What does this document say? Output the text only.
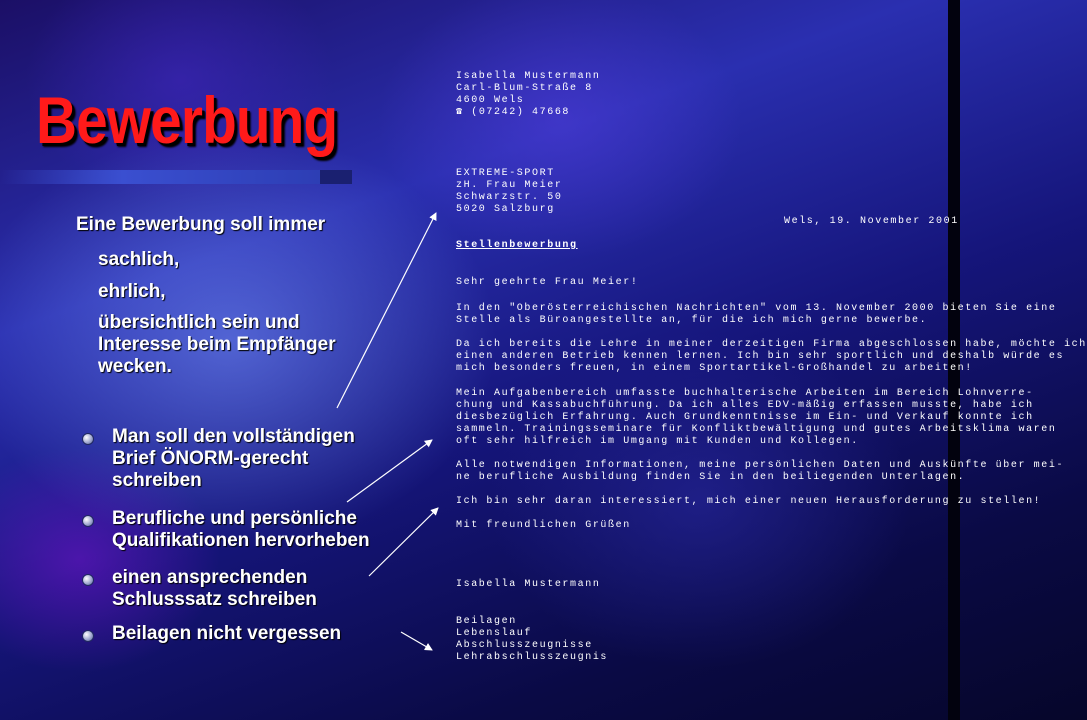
Bewerbung
Eine Bewerbung soll immer
sachlich,
ehrlich,
übersichtlich sein und
Interesse beim Empfänger
wecken.
Man soll den vollständigen
Brief ÖNORM-gerecht
schreiben
Berufliche und persönliche
Qualifikationen hervorheben
einen ansprechenden
Schlusssatz schreiben
Beilagen nicht vergessen
Isabella Mustermann
Carl-Blum-Straße 8
4600 Wels
☎ (07242) 47668
EXTREME-SPORT
zH. Frau Meier
Schwarzstr. 50
5020 Salzburg
Wels, 19. November 2001
Stellenbewerbung
Sehr geehrte Frau Meier!
In den "Oberösterreichischen Nachrichten" vom 13. November 2000 bieten Sie eine
Stelle als Büroangestellte an, für die ich mich gerne bewerbe.
Da ich bereits die Lehre in meiner derzeitigen Firma abgeschlossen habe, möchte ich
einen anderen Betrieb kennen lernen. Ich bin sehr sportlich und deshalb würde es
mich besonders freuen, in einem Sportartikel-Großhandel zu arbeiten!
Mein Aufgabenbereich umfasste buchhalterische Arbeiten im Bereich Lohnverre-
chung und Kassabuchführung. Da ich alles EDV-mäßig erfassen musste, habe ich
diesbezüglich Erfahrung. Auch Grundkenntnisse im Ein- und Verkauf konnte ich
sammeln. Trainingsseminare für Konfliktbewältigung und gutes Arbeitsklima waren
oft sehr hilfreich im Umgang mit Kunden und Kollegen.
Alle notwendigen Informationen, meine persönlichen Daten und Auskünfte über mei-
ne berufliche Ausbildung finden Sie in den beiliegenden Unterlagen.
Ich bin sehr daran interessiert, mich einer neuen Herausforderung zu stellen!
Mit freundlichen Grüßen
Isabella Mustermann
Beilagen
Lebenslauf
Abschlusszeugnisse
Lehrabschlusszeugnis
